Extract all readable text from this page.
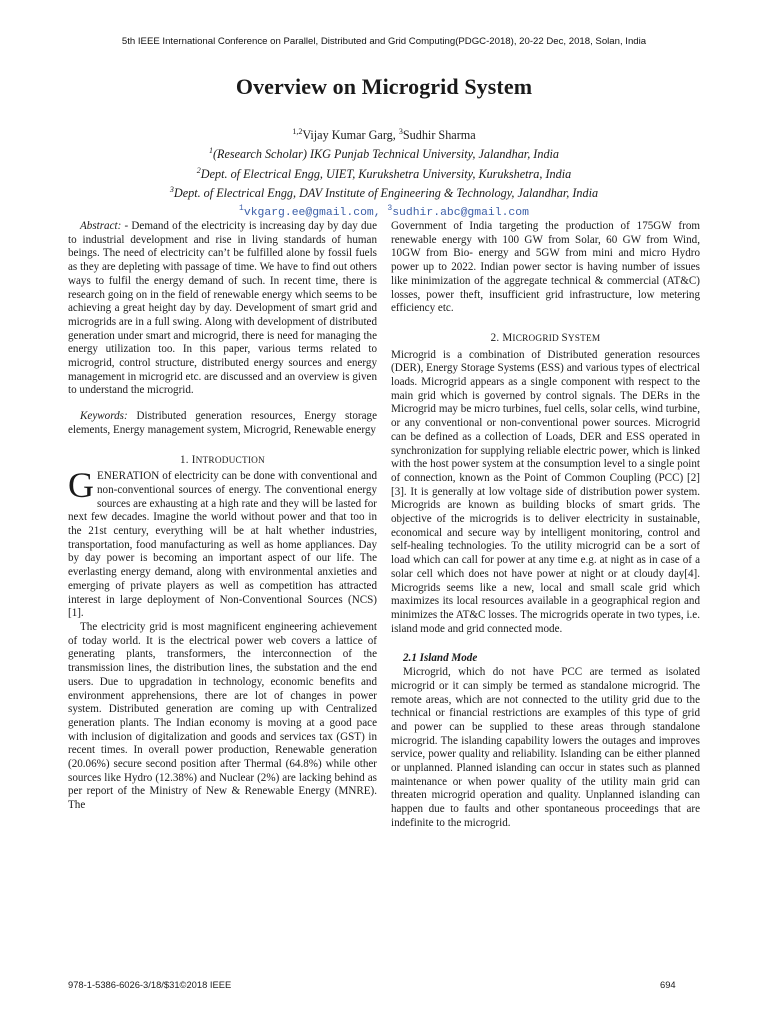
5th IEEE International Conference on Parallel, Distributed and Grid Computing(PDGC-2018), 20-22 Dec, 2018, Solan, India
Overview on Microgrid System
$^{1,2}$Vijay Kumar Garg, $^3$Sudhir Sharma
$^1$(Research Scholar) IKG Punjab Technical University, Jalandhar, India
$^2$Dept. of Electrical Engg, UIET, Kurukshetra University, Kurukshetra, India
$^3$Dept. of Electrical Engg, DAV Institute of Engineering & Technology, Jalandhar, India
$^1$vkgarg.ee@gmail.com, $^3$sudhir.abc@gmail.com

Abstract: - Demand of the electricity is increasing day by day due to industrial development and rise in living standards of human beings. The need of electricity can’t be fulfilled alone by fossil fuels as they are depleting with passage of time. We have to find out others ways to fulfil the energy demand of such. In recent time, there is research going on in the field of renewable energy which seems to be achieving a great height day by day. Development of smart grid and microgrids are in a full swing. Along with development of distributed generation under smart and microgrid, there is need for managing the energy utilization too. In this paper, various terms related to microgrid, control structure, distributed energy sources and energy management in microgrid etc. are discussed and an overview is given to understand the microgrid.

Keywords: Distributed generation resources, Energy storage elements, Energy management system, Microgrid, Renewable energy

1. INTRODUCTION

GENERATION of electricity can be done with conventional and non-conventional sources of energy. The conventional energy sources are exhausting at a high rate and they will be lasted for next few decades. Imagine the world without power and that too in the 21st century, everything will be at halt whether industries, transportation, food manufacturing as well as home appliances. Day by day power is becoming an important aspect of our life. The everlasting energy demand, along with environmental anxieties and emerging of private players as well as competition has attracted interest in large deployment of Non-Conventional Sources (NCS) [1].

The electricity grid is most magnificent engineering achievement of today world. It is the electrical power web covers a lattice of generating plants, transformers, the interconnection of the transmission lines, the distribution lines, the substation and the end users. Due to upgradation in technology, economic benefits and environment apprehensions, there are lot of changes in power system. Distributed generation are coming up with Centralized generation plants. The Indian economy is moving at a good pace with inclusion of digitalization and goods and services tax (GST) in recent times. In overall power production, Renewable generation (20.06%) secure second position after Thermal (64.8%) while other sources like Hydro (12.38%) and Nuclear (2%) are lacking behind as per report of the Ministry of New & Renewable Energy (MNRE). The

Government of India targeting the production of 175GW from renewable energy with 100 GW from Solar, 60 GW from Wind, 10GW from Bio- energy and 5GW from mini and micro Hydro power up to 2022. Indian power sector is having number of issues like minimization of the aggregate technical & commercial (AT&C) losses, power theft, insufficient grid infrastructure, low metering efficiency etc.

2. MICROGRID SYSTEM

Microgrid is a combination of Distributed generation resources (DER), Energy Storage Systems (ESS) and various types of electrical loads. Microgrid appears as a single component with respect to the main grid which is governed by control signals. The DERs in the Microgrid may be micro turbines, fuel cells, solar cells, wind turbine, or any conventional or non-conventional power sources. Microgrid can be defined as a collection of Loads, DER and ESS operated in synchronization for supplying reliable electric power, which is linked with the host power system at the consumption level to a single point of connection, known as the Point of Common Coupling (PCC) [2][3]. It is generally at low voltage side of distribution power system. Microgrids are known as building blocks of smart grids. The objective of the microgrids is to deliver electricity in sustainable, economical and secure way by intelligent monitoring, control and self-healing technologies. To the utility microgrid can be a sort of load which can call for power at any time e.g. at night as in case of a solar cell which does not have power at night or at cloudy day[4]. Microgrids seems like a new, local and small scale grid which maximizes its local resources available in a geographical region and minimizes the AT&C losses. The microgrids operate in two types, i.e. island mode and grid connected mode.

2.1 Island Mode

Microgrid, which do not have PCC are termed as isolated microgrid or it can simply be termed as standalone microgrid. The remote areas, which are not connected to the utility grid due to the technical or financial restrictions are examples of this type of grid and power can be supplied to these areas through standalone microgrid. The islanding capability lowers the outages and improves service, power quality and reliability. Islanding can be either planned or unplanned. Planned islanding can occur in states such as planned maintenance or when power quality of the utility main grid can threaten microgrid operation and quality. Unplanned islanding can happen due to faults and other spontaneous proceedings that are indefinite to the microgrid.

978-1-5386-6026-3/18/$31©2018 IEEE	694
